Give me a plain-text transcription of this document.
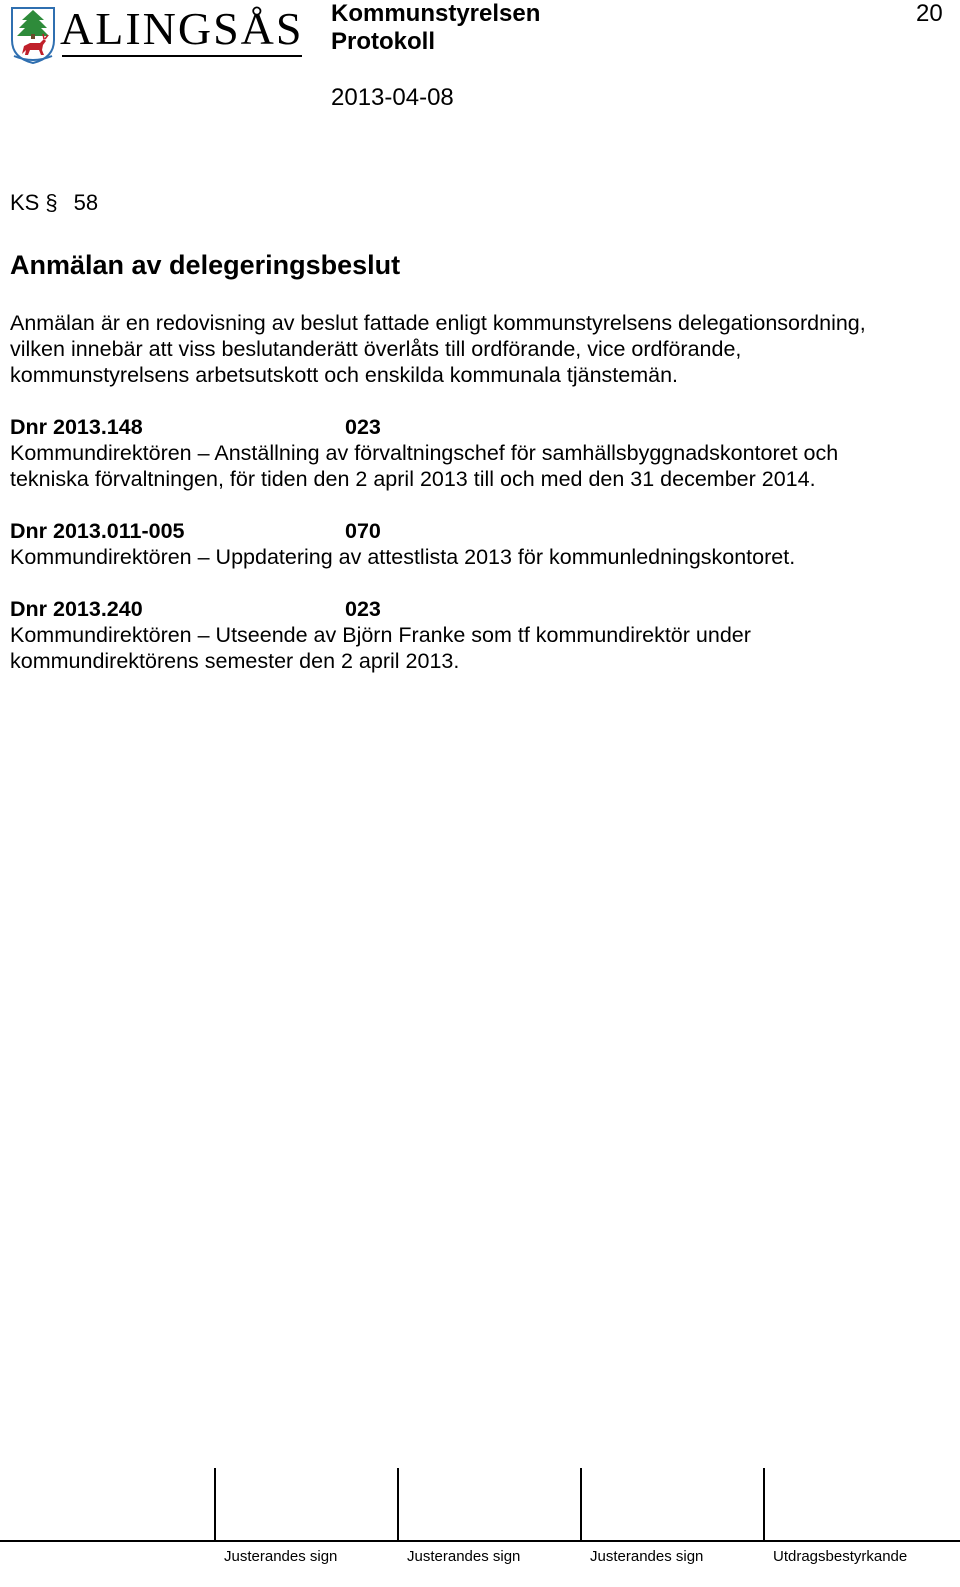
ALINGSÅS Kommunstyrelsen
Protokoll
2013-04-08
20
KS § 58
Anmälan av delegeringsbeslut

Anmälan är en redovisning av beslut fattade enligt kommunstyrelsens delegationsordning,
vilken innebär att viss beslutanderätt överlåts till ordförande, vice ordförande,
kommunstyrelsens arbetsutskott och enskilda kommunala tjänstemän.

Dnr 2013.148	023

Kommundirektören – Anställning av förvaltningschef för samhällsbyggnadskontoret och
tekniska förvaltningen, för tiden den 2 april 2013 till och med den 31 december 2014.

Dnr 2013.011-005	070

Kommundirektören – Uppdatering av attestlista 2013 för kommunledningskontoret.

Dnr 2013.240	023

Kommundirektören – Utseende av Björn Franke som tf kommundirektör under
kommundirektörens semester den 2 april 2013.

Justerandes sign	Justerandes sign	Justerandes sign	Utdragsbestyrkande
